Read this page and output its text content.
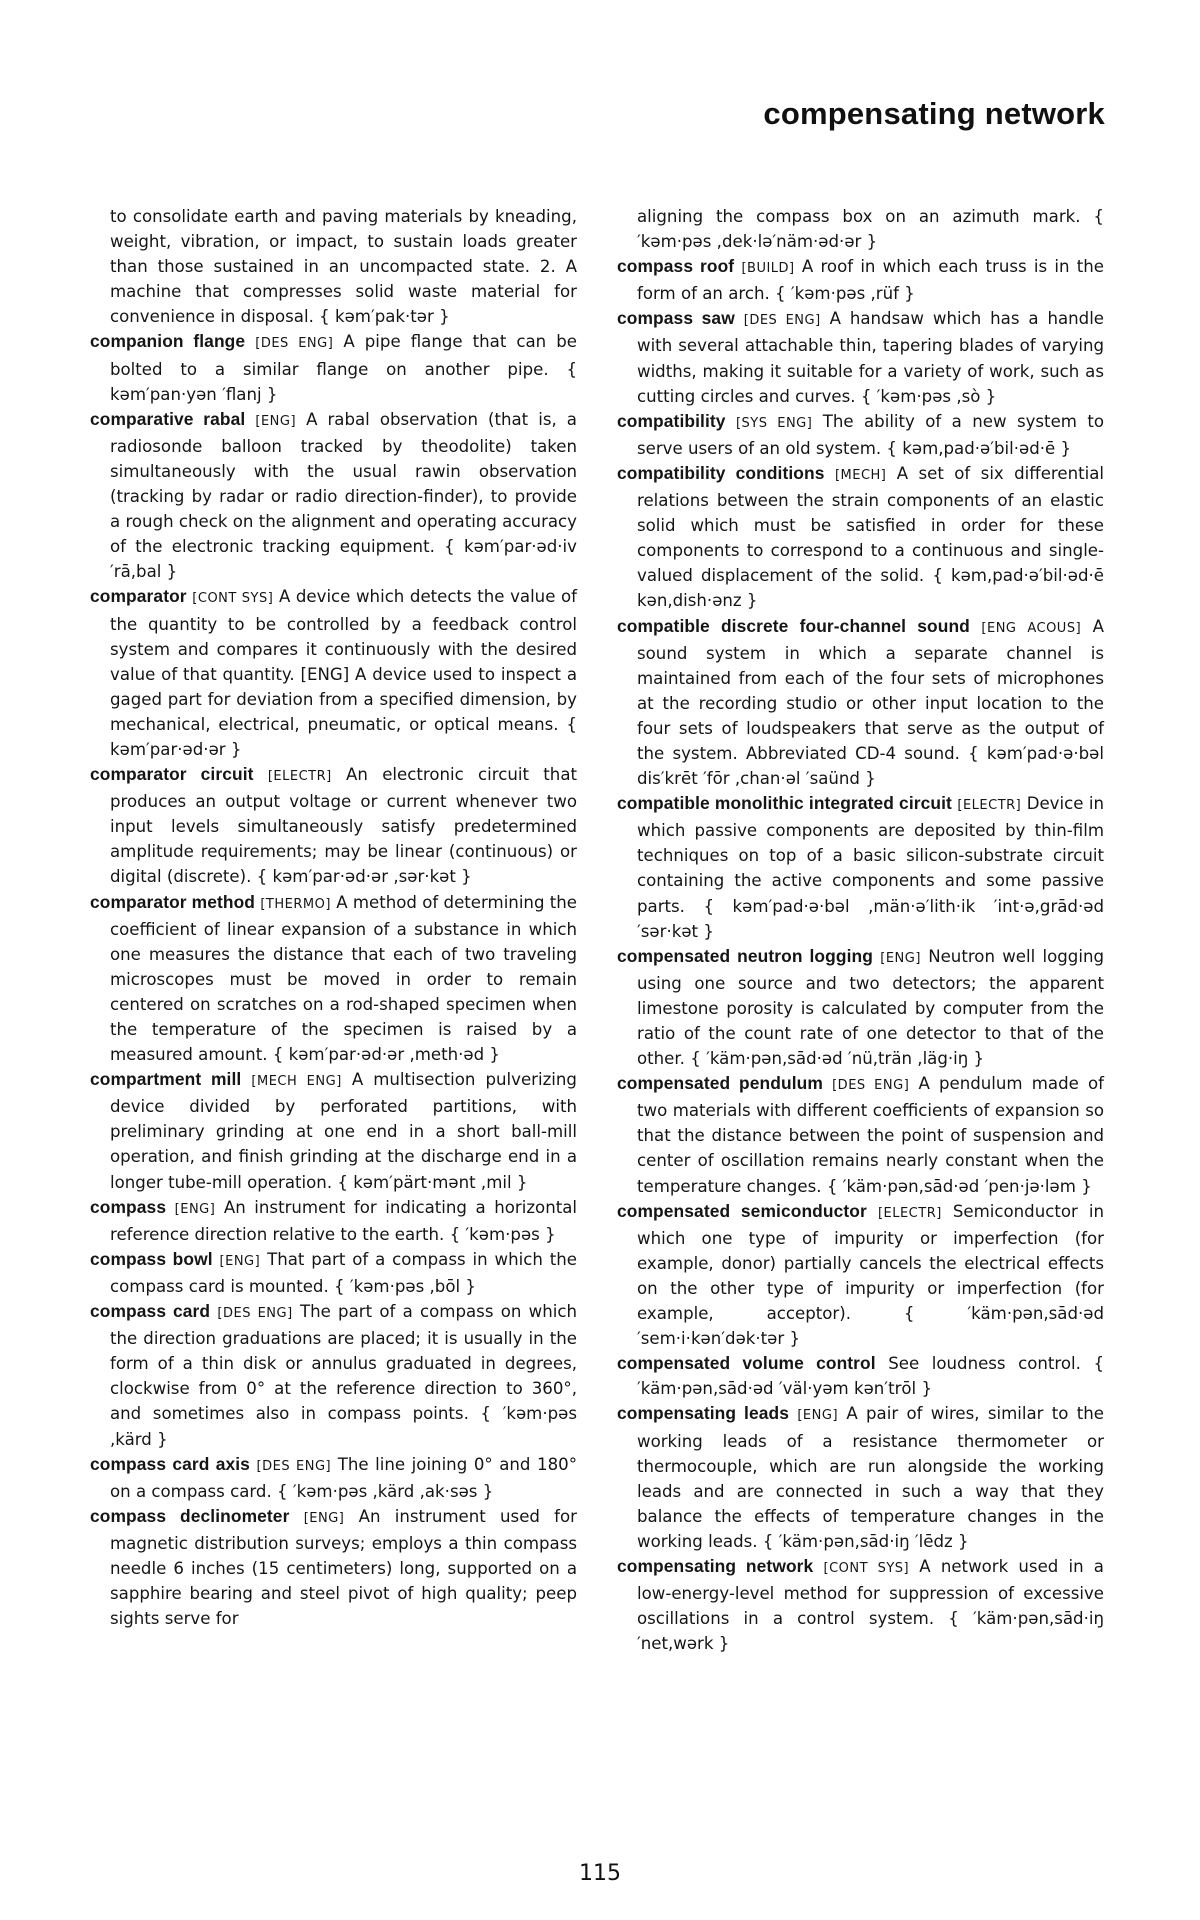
compensating network

to consolidate earth and paving materials by kneading, weight, vibration, or impact, to sustain loads greater than those sustained in an uncompacted state. 2. A machine that compresses solid waste material for convenience in disposal. { kəm′pak·tər }

companion flange [DES ENG] A pipe flange that can be bolted to a similar flange on another pipe. { kəm′pan·yən ′flanj }

comparative rabal [ENG] A rabal observation (that is, a radiosonde balloon tracked by theodolite) taken simultaneously with the usual rawin observation (tracking by radar or radio direction-finder), to provide a rough check on the alignment and operating accuracy of the electronic tracking equipment. { kəm′par·əd·iv ′rā,bal }

comparator [CONT SYS] A device which detects the value of the quantity to be controlled by a feedback control system and compares it continuously with the desired value of that quantity. [ENG] A device used to inspect a gaged part for deviation from a specified dimension, by mechanical, electrical, pneumatic, or optical means. { kəm′par·əd·ər }

comparator circuit [ELECTR] An electronic circuit that produces an output voltage or current whenever two input levels simultaneously satisfy predetermined amplitude requirements; may be linear (continuous) or digital (discrete). { kəm′par·əd·ər ,sər·kət }

comparator method [THERMO] A method of determining the coefficient of linear expansion of a substance in which one measures the distance that each of two traveling microscopes must be moved in order to remain centered on scratches on a rod-shaped specimen when the temperature of the specimen is raised by a measured amount. { kəm′par·əd·ər ,meth·əd }

compartment mill [MECH ENG] A multisection pulverizing device divided by perforated partitions, with preliminary grinding at one end in a short ball-mill operation, and finish grinding at the discharge end in a longer tube-mill operation. { kəm′pärt·mənt ,mil }

compass [ENG] An instrument for indicating a horizontal reference direction relative to the earth. { ′kəm·pəs }

compass bowl [ENG] That part of a compass in which the compass card is mounted. { ′kəm·pəs ,bōl }

compass card [DES ENG] The part of a compass on which the direction graduations are placed; it is usually in the form of a thin disk or annulus graduated in degrees, clockwise from 0° at the reference direction to 360°, and sometimes also in compass points. { ′kəm·pəs ,kärd }

compass card axis [DES ENG] The line joining 0° and 180° on a compass card. { ′kəm·pəs ,kärd ,ak·səs }

compass declinometer [ENG] An instrument used for magnetic distribution surveys; employs a thin compass needle 6 inches (15 centimeters) long, supported on a sapphire bearing and steel pivot of high quality; peep sights serve for

aligning the compass box on an azimuth mark. { ′kəm·pəs ,dek·lə′näm·əd·ər }

compass roof [BUILD] A roof in which each truss is in the form of an arch. { ′kəm·pəs ,rüf }

compass saw [DES ENG] A handsaw which has a handle with several attachable thin, tapering blades of varying widths, making it suitable for a variety of work, such as cutting circles and curves. { ′kəm·pəs ,sò }

compatibility [SYS ENG] The ability of a new system to serve users of an old system. { kəm,pad·ə′bil·əd·ē }

compatibility conditions [MECH] A set of six differential relations between the strain components of an elastic solid which must be satisfied in order for these components to correspond to a continuous and single-valued displacement of the solid. { kəm,pad·ə′bil·əd·ē kən,dish·ənz }

compatible discrete four-channel sound [ENG ACOUS] A sound system in which a separate channel is maintained from each of the four sets of microphones at the recording studio or other input location to the four sets of loudspeakers that serve as the output of the system. Abbreviated CD-4 sound. { kəm′pad·ə·bəl dis′krēt ′fōr ,chan·əl ′saünd }

compatible monolithic integrated circuit [ELECTR] Device in which passive components are deposited by thin-film techniques on top of a basic silicon-substrate circuit containing the active components and some passive parts. { kəm′pad·ə·bəl ,män·ə′lith·ik ′int·ə,grād·əd ′sər·kət }

compensated neutron logging [ENG] Neutron well logging using one source and two detectors; the apparent limestone porosity is calculated by computer from the ratio of the count rate of one detector to that of the other. { ′käm·pən,sād·əd ′nü,trän ,läg·iŋ }

compensated pendulum [DES ENG] A pendulum made of two materials with different coefficients of expansion so that the distance between the point of suspension and center of oscillation remains nearly constant when the temperature changes. { ′käm·pən,sād·əd ′pen·jə·ləm }

compensated semiconductor [ELECTR] Semiconductor in which one type of impurity or imperfection (for example, donor) partially cancels the electrical effects on the other type of impurity or imperfection (for example, acceptor). { ′käm·pən,sād·əd ′sem·i·kən′dək·tər }

compensated volume control See loudness control. { ′käm·pən,sād·əd ′väl·yəm kən′trōl }

compensating leads [ENG] A pair of wires, similar to the working leads of a resistance thermometer or thermocouple, which are run alongside the working leads and are connected in such a way that they balance the effects of temperature changes in the working leads. { ′käm·pən,sād·iŋ ′lēdz }

compensating network [CONT SYS] A network used in a low-energy-level method for suppression of excessive oscillations in a control system. { ′käm·pən,sād·iŋ ′net,wərk }

115
